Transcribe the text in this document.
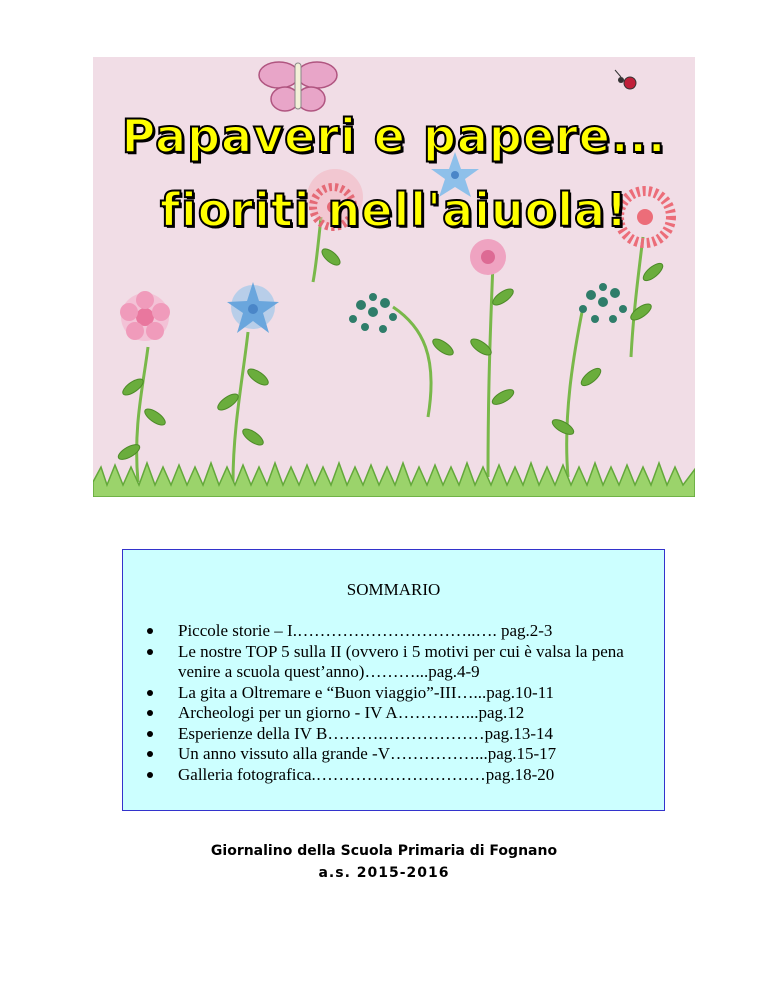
Papaveri e papere...
fioriti nell'aiuola!
SOMMARIO
Piccole storie – I.…………………………..…. pag.2-3
Le nostre TOP 5 sulla II (ovvero i 5 motivi per cui è valsa la pena venire a scuola quest’anno)………...pag.4-9
La gita a Oltremare e “Buon viaggio”-III…...pag.10-11
Archeologi per un giorno - IV A…………...pag.12
Esperienze della IV B……….………………pag.13-14
Un anno vissuto alla grande -V……………...pag.15-17
Galleria fotografica.…………………………pag.18-20
Giornalino della Scuola Primaria di Fognano
a.s. 2015-2016
